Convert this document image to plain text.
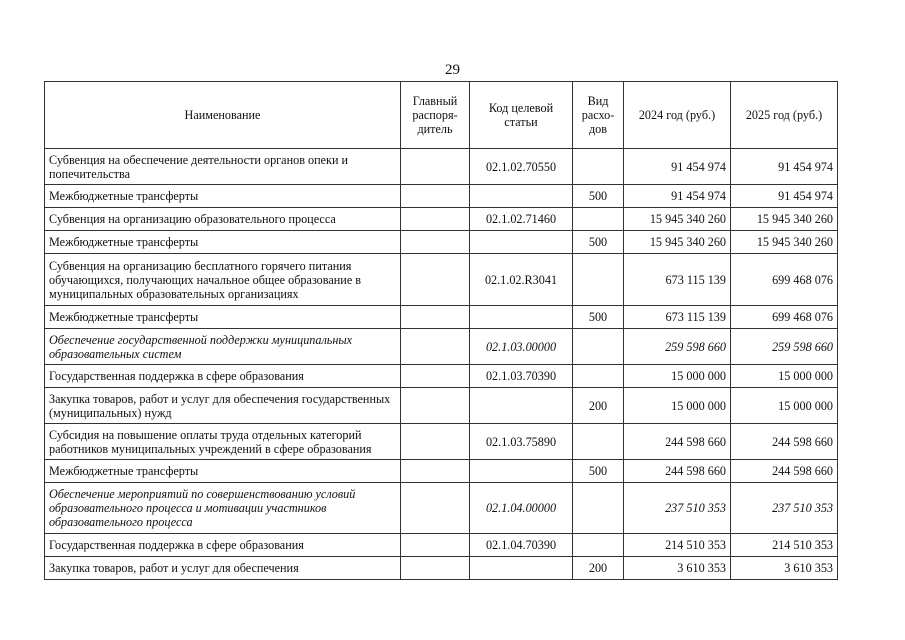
29
Наименование	Главный распоря-дитель	Код целевой статьи	Вид расхо-дов	2024 год (руб.)	2025 год (руб.)
Субвенция на обеспечение деятельности органов опеки и попечительства		02.1.02.70550		91 454 974	91 454 974
Межбюджетные трансферты			500	91 454 974	91 454 974
Субвенция на организацию образовательного процесса		02.1.02.71460		15 945 340 260	15 945 340 260
Межбюджетные трансферты			500	15 945 340 260	15 945 340 260
Субвенция на организацию бесплатного горячего питания обучающихся, получающих начальное общее образование в муниципальных образовательных организациях		02.1.02.R3041		673 115 139	699 468 076
Межбюджетные трансферты			500	673 115 139	699 468 076
Обеспечение государственной поддержки муниципальных образовательных систем		02.1.03.00000		259 598 660	259 598 660
Государственная поддержка в сфере образования		02.1.03.70390		15 000 000	15 000 000
Закупка товаров, работ и услуг для обеспечения государственных (муниципальных) нужд			200	15 000 000	15 000 000
Субсидия на повышение оплаты труда отдельных категорий работников муниципальных учреждений в сфере образования		02.1.03.75890		244 598 660	244 598 660
Межбюджетные трансферты			500	244 598 660	244 598 660
Обеспечение мероприятий по совершенствованию условий образовательного процесса и мотивации участников образовательного процесса		02.1.04.00000		237 510 353	237 510 353
Государственная поддержка в сфере образования		02.1.04.70390		214 510 353	214 510 353
Закупка товаров, работ и услуг для обеспечения			200	3 610 353	3 610 353
